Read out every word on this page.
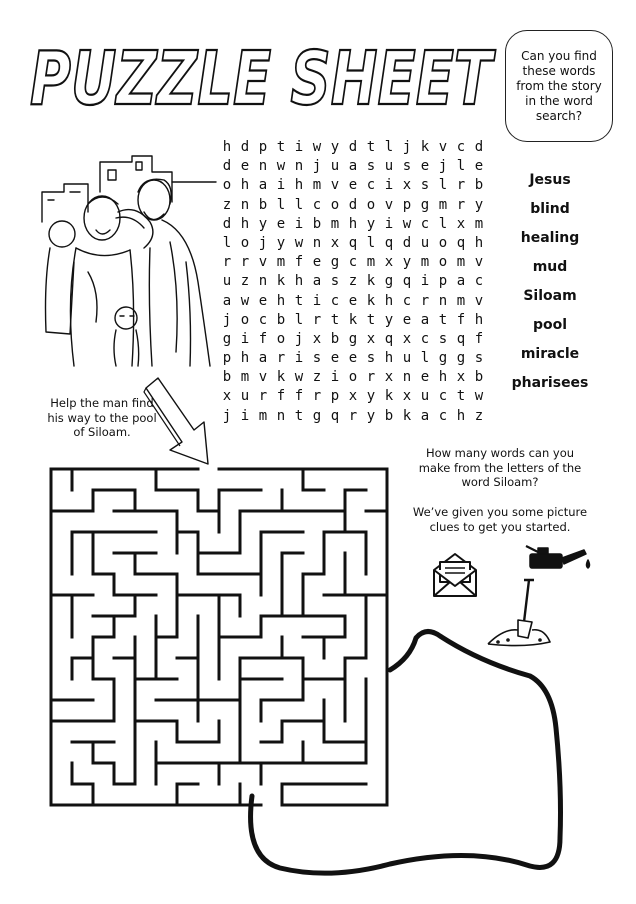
PUZZLE SHEET	Can you find these words from the story in the word search?
h d p t i w y d t l j k v c d
d e n w n j u a s u s e j l e
o h a i h m v e c i x s l r b
z n b l l c o d o v p g m r y
d h y e i b m h y i w c l x m
l o j y w n x q l q d u o q h
r r v m f e g c m x y m o m v
u z n k h a s z k g q i p a c
a w e h t i c e k h c r n m v
j o c b l r t k t y e a t f h
g i f o j x b g x q x c s q f
p h a r i s e e s h u l g g s
b m v k w z i o r x n e h x b
x u r f f r p x y k x u c t w
j i m n t g q r y b k a c h z
Jesus
blind
healing
mud
Siloam
pool
miracle
pharisees
Help the man find his way to the pool of Siloam.
How many words can you make from the letters of the word Siloam?
We’ve given you some picture clues to get you started.
